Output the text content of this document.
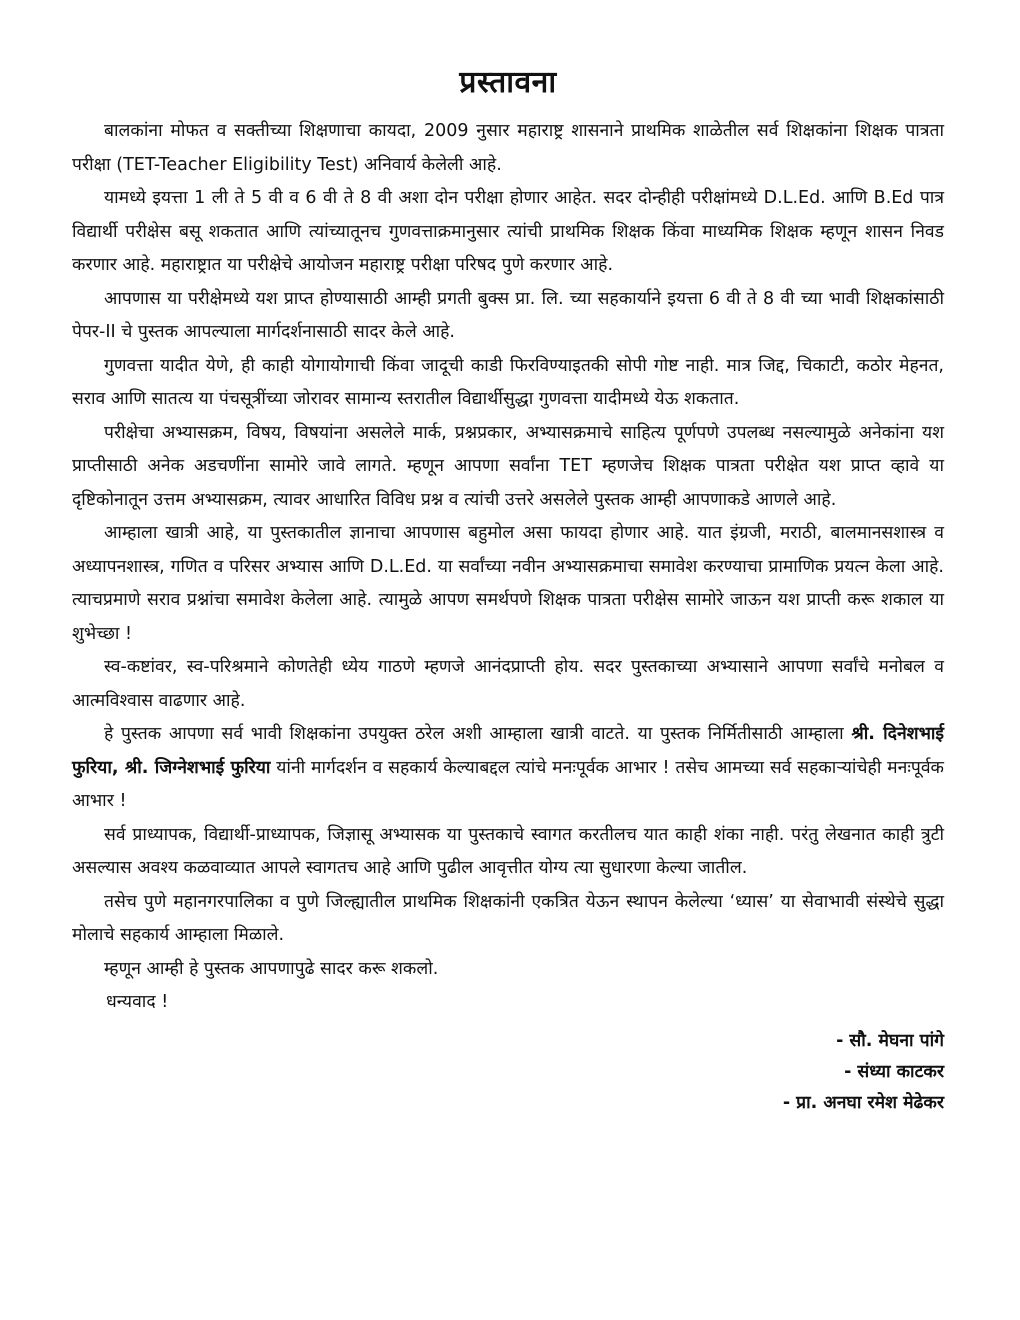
प्रस्तावना

बालकांना मोफत व सक्तीच्या शिक्षणाचा कायदा, 2009 नुसार महाराष्ट्र शासनाने प्राथमिक शाळेतील सर्व शिक्षकांना शिक्षक पात्रता परीक्षा (TET-Teacher Eligibility Test) अनिवार्य केलेली आहे.

यामध्ये इयत्ता 1 ली ते 5 वी व 6 वी ते 8 वी अशा दोन परीक्षा होणार आहेत. सदर दोन्हीही परीक्षांमध्ये D.L.Ed. आणि B.Ed पात्र विद्यार्थी परीक्षेस बसू शकतात आणि त्यांच्यातूनच गुणवत्ताक्रमानुसार त्यांची प्राथमिक शिक्षक किंवा माध्यमिक शिक्षक म्हणून शासन निवड करणार आहे. महाराष्ट्रात या परीक्षेचे आयोजन महाराष्ट्र परीक्षा परिषद पुणे करणार आहे.

आपणास या परीक्षेमध्ये यश प्राप्त होण्यासाठी आम्ही प्रगती बुक्स प्रा. लि. च्या सहकार्याने इयत्ता 6 वी ते 8 वी च्या भावी शिक्षकांसाठी पेपर-II चे पुस्तक आपल्याला मार्गदर्शनासाठी सादर केले आहे.

गुणवत्ता यादीत येणे, ही काही योगायोगाची किंवा जादूची काडी फिरविण्याइतकी सोपी गोष्ट नाही. मात्र जिद्द, चिकाटी, कठोर मेहनत, सराव आणि सातत्य या पंचसूत्रींच्या जोरावर सामान्य स्तरातील विद्यार्थीसुद्धा गुणवत्ता यादीमध्ये येऊ शकतात.

परीक्षेचा अभ्यासक्रम, विषय, विषयांना असलेले मार्क, प्रश्नप्रकार, अभ्यासक्रमाचे साहित्य पूर्णपणे उपलब्ध नसल्यामुळे अनेकांना यश प्राप्तीसाठी अनेक अडचणींना सामोरे जावे लागते. म्हणून आपणा सर्वांना TET म्हणजेच शिक्षक पात्रता परीक्षेत यश प्राप्त व्हावे या दृष्टिकोनातून उत्तम अभ्यासक्रम, त्यावर आधारित विविध प्रश्न व त्यांची उत्तरे असलेले पुस्तक आम्ही आपणाकडे आणले आहे.

आम्हाला खात्री आहे, या पुस्तकातील ज्ञानाचा आपणास बहुमोल असा फायदा होणार आहे. यात इंग्रजी, मराठी, बालमानसशास्त्र व अध्यापनशास्त्र, गणित व परिसर अभ्यास आणि D.L.Ed. या सर्वांच्या नवीन अभ्यासक्रमाचा समावेश करण्याचा प्रामाणिक प्रयत्न केला आहे. त्याचप्रमाणे सराव प्रश्नांचा समावेश केलेला आहे. त्यामुळे आपण समर्थपणे शिक्षक पात्रता परीक्षेस सामोरे जाऊन यश प्राप्ती करू शकाल या शुभेच्छा !

स्व-कष्टांवर, स्व-परिश्रमाने कोणतेही ध्येय गाठणे म्हणजे आनंदप्राप्ती होय. सदर पुस्तकाच्या अभ्यासाने आपणा सर्वांचे मनोबल व आत्मविश्वास वाढणार आहे.

हे पुस्तक आपणा सर्व भावी शिक्षकांना उपयुक्त ठरेल अशी आम्हाला खात्री वाटते. या पुस्तक निर्मितीसाठी आम्हाला श्री. दिनेशभाई फुरिया, श्री. जिग्नेशभाई फुरिया यांनी मार्गदर्शन व सहकार्य केल्याबद्दल त्यांचे मनःपूर्वक आभार ! तसेच आमच्या सर्व सहकाऱ्यांचेही मनःपूर्वक आभार !

सर्व प्राध्यापक, विद्यार्थी-प्राध्यापक, जिज्ञासू अभ्यासक या पुस्तकाचे स्वागत करतीलच यात काही शंका नाही. परंतु लेखनात काही त्रुटी असल्यास अवश्य कळवाव्यात आपले स्वागतच आहे आणि पुढील आवृत्तीत योग्य त्या सुधारणा केल्या जातील.

तसेच पुणे महानगरपालिका व पुणे जिल्ह्यातील प्राथमिक शिक्षकांनी एकत्रित येऊन स्थापन केलेल्या ‘ध्यास’ या सेवाभावी संस्थेचे सुद्धा मोलाचे सहकार्य आम्हाला मिळाले.

म्हणून आम्ही हे पुस्तक आपणापुढे सादर करू शकलो.

धन्यवाद !

- सौ. मेघना पांगे
- संध्या काटकर
- प्रा. अनघा रमेश मेढेकर
